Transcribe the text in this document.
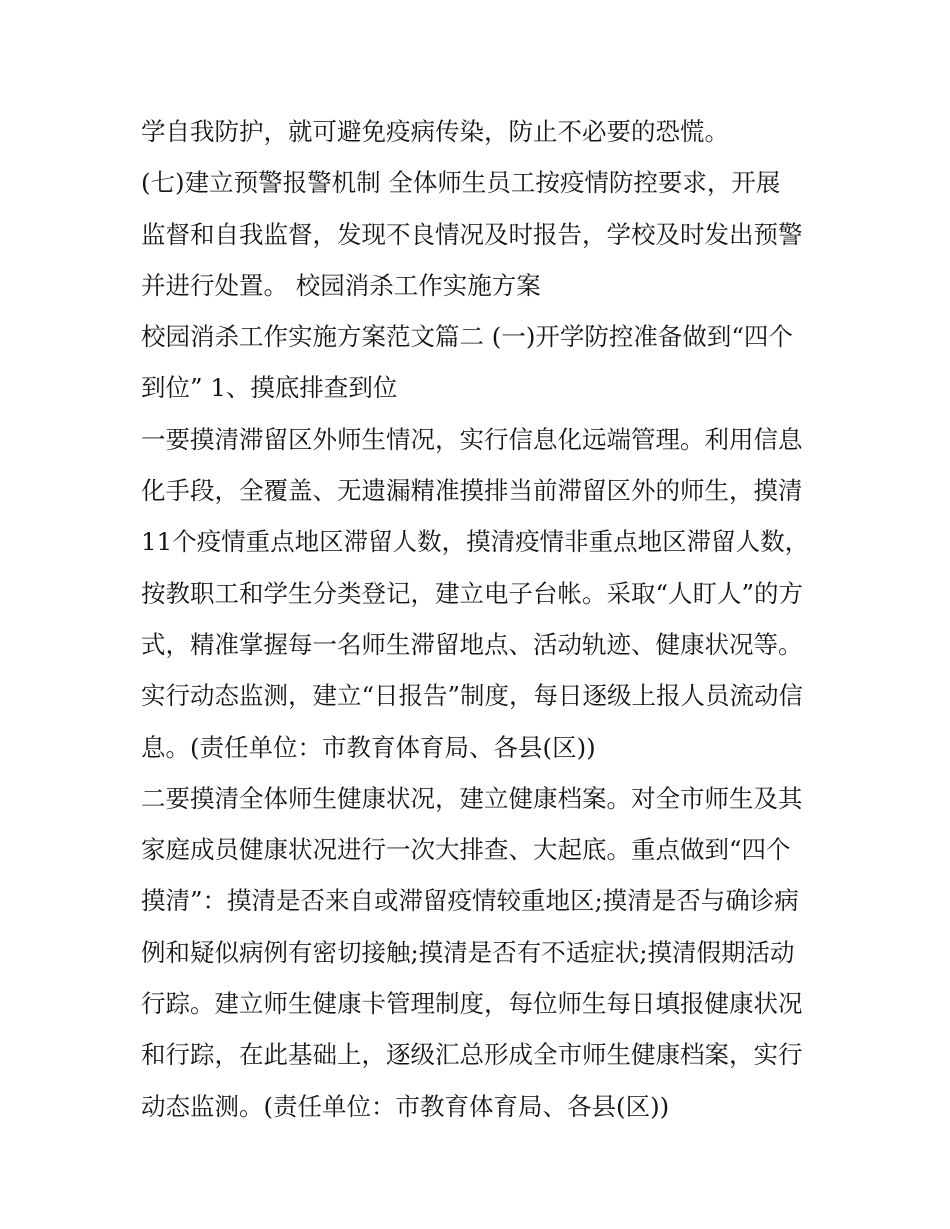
学自我防护，就可避免疫病传染，防止不必要的恐慌。
(七)建立预警报警机制 全体师生员工按疫情防控要求，开展
监督和自我监督，发现不良情况及时报告，学校及时发出预警
并进行处置。 校园消杀工作实施方案
校园消杀工作实施方案范文篇二 (一)开学防控准备做到“四个
到位” 1、摸底排查到位
一要摸清滞留区外师生情况，实行信息化远端管理。利用信息
化手段，全覆盖、无遗漏精准摸排当前滞留区外的师生，摸清
11个疫情重点地区滞留人数，摸清疫情非重点地区滞留人数，
按教职工和学生分类登记，建立电子台帐。采取“人盯人”的方
式，精准掌握每一名师生滞留地点、活动轨迹、健康状况等。
实行动态监测，建立“日报告”制度，每日逐级上报人员流动信
息。(责任单位：市教育体育局、各县(区))
二要摸清全体师生健康状况，建立健康档案。对全市师生及其
家庭成员健康状况进行一次大排查、大起底。重点做到“四个
摸清”：摸清是否来自或滞留疫情较重地区;摸清是否与确诊病
例和疑似病例有密切接触;摸清是否有不适症状;摸清假期活动
行踪。建立师生健康卡管理制度，每位师生每日填报健康状况
和行踪，在此基础上，逐级汇总形成全市师生健康档案，实行
动态监测。(责任单位：市教育体育局、各县(区))
